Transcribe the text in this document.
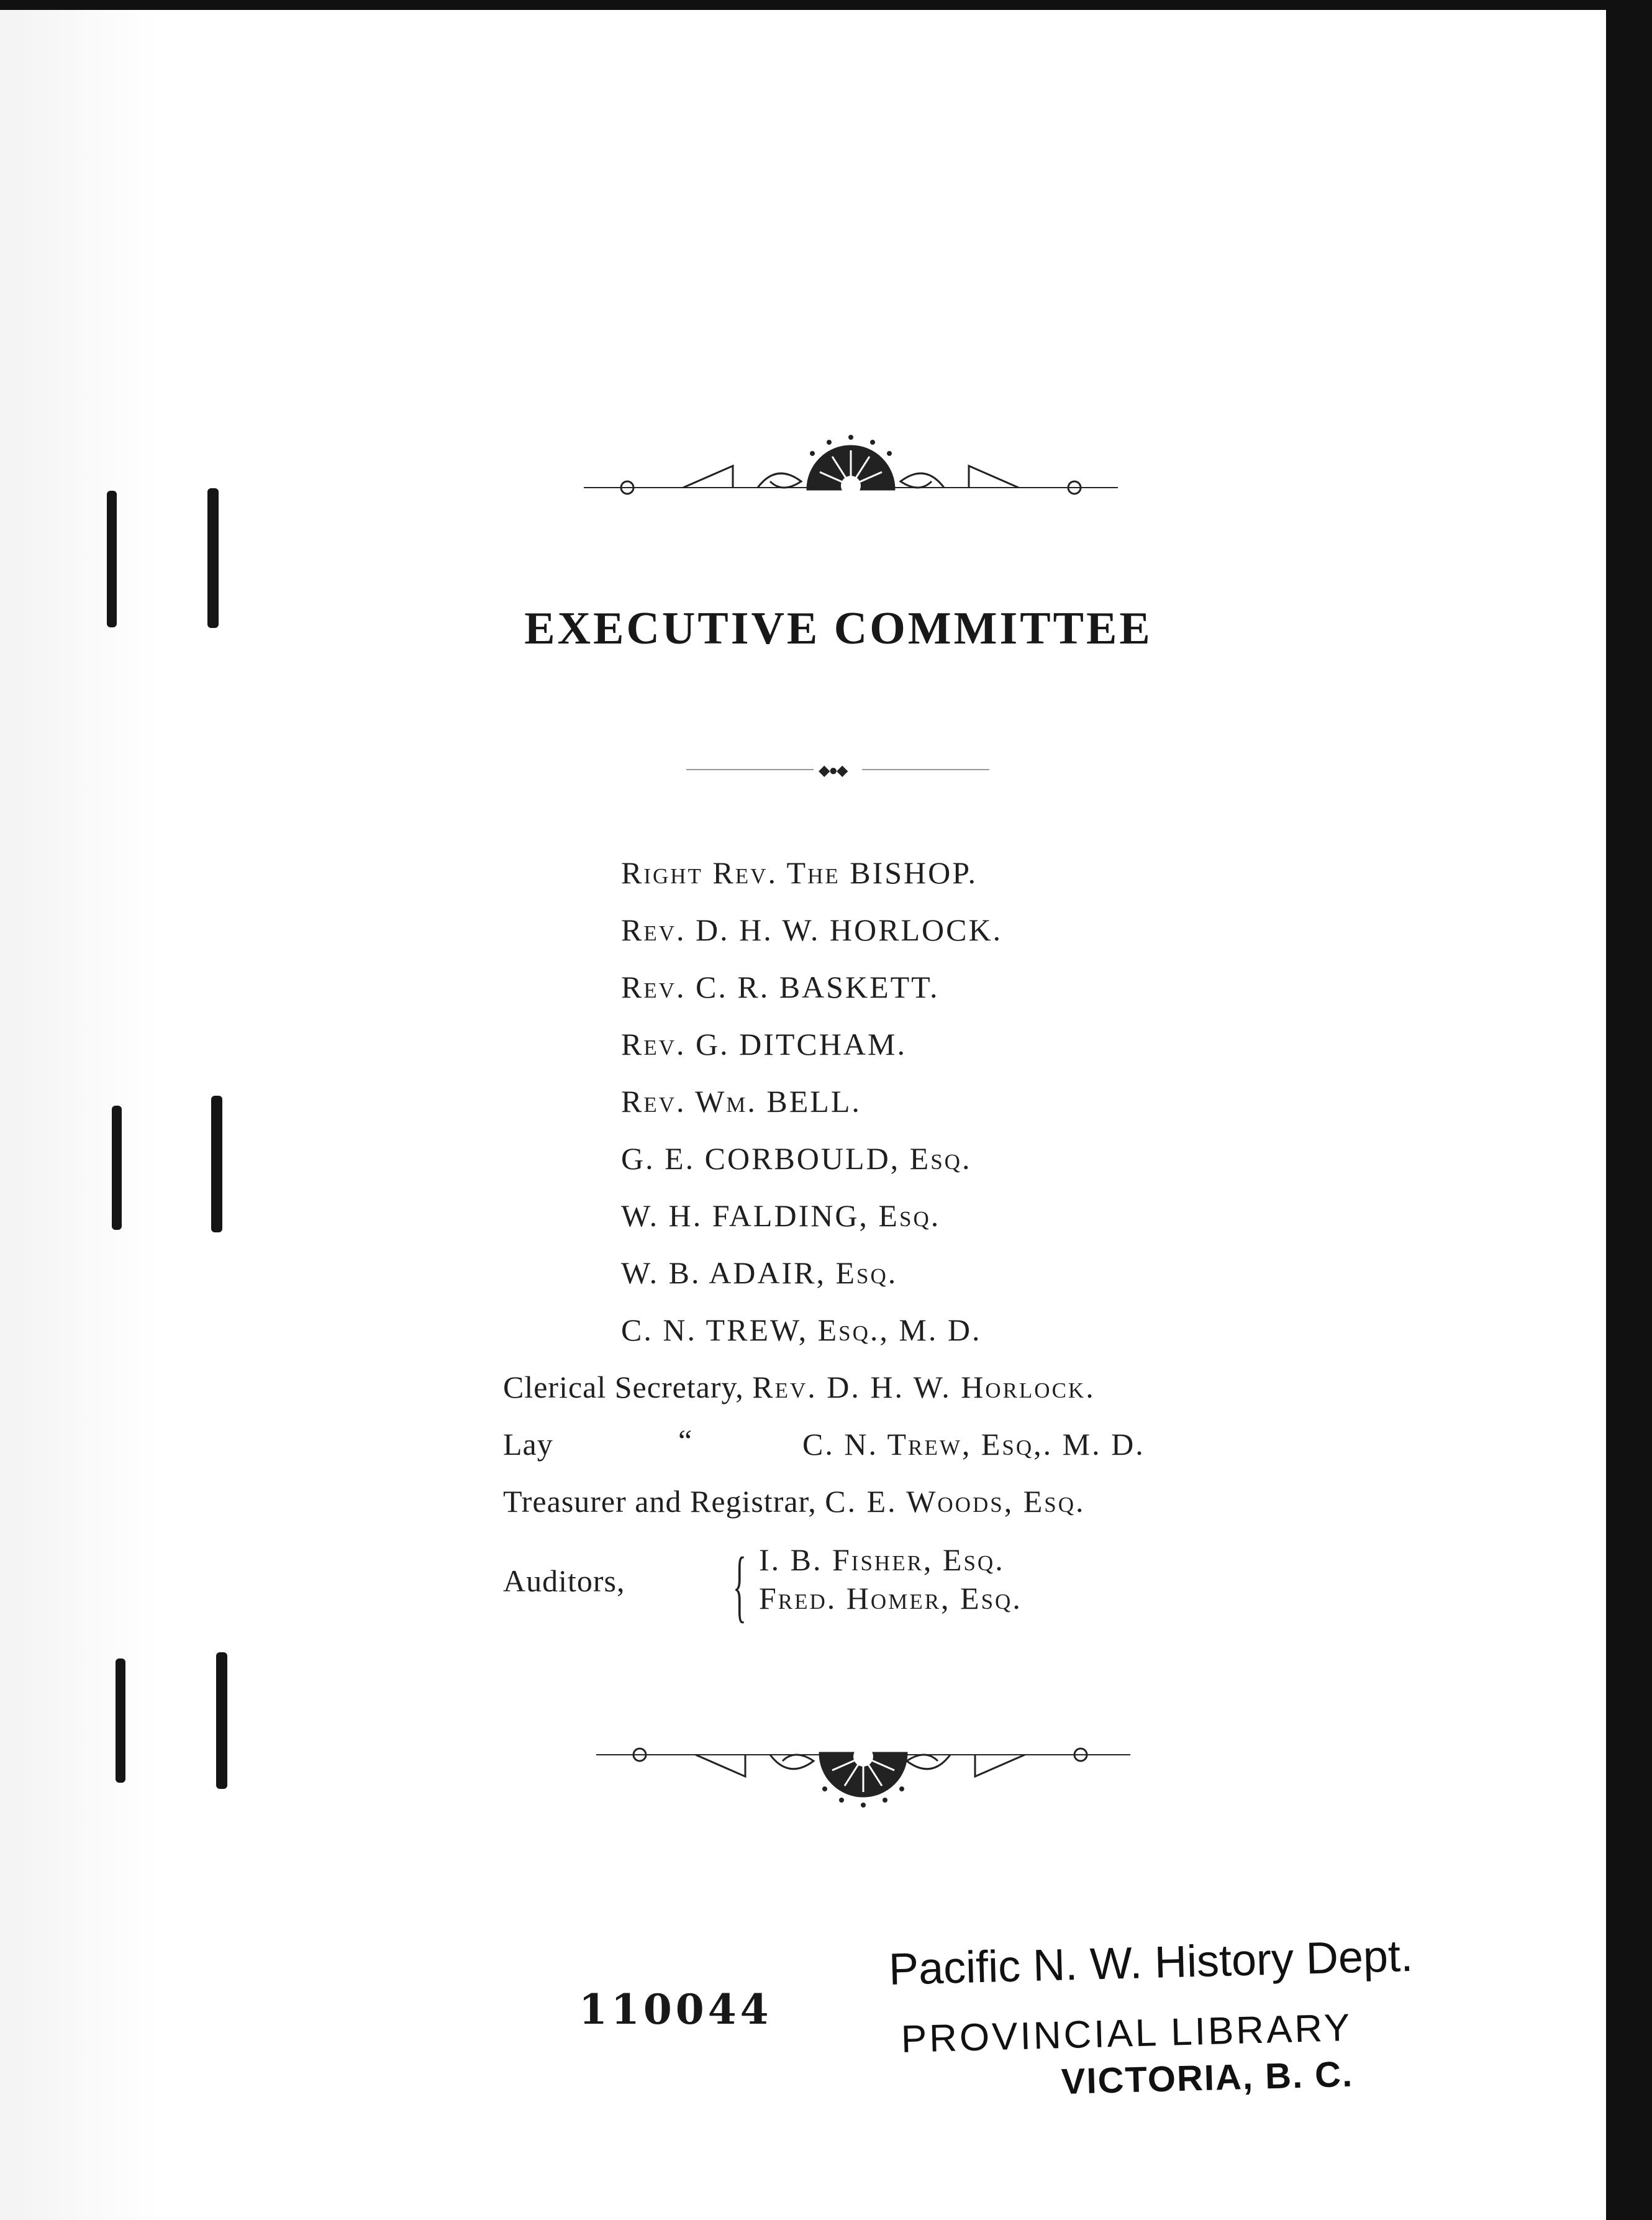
EXECUTIVE COMMITTEE
◆●◆
Right Rev. The BISHOP.
Rev. D. H. W. HORLOCK.
Rev. C. R. BASKETT.
Rev. G. DITCHAM.
Rev. Wm. BELL.
G. E. CORBOULD, Esq.
W. H. FALDING, Esq.
W. B. ADAIR, Esq.
C. N. TREW, Esq., M. D.
Clerical Secretary, Rev. D. H. W. Horlock.
Lay	“	C. N. Trew, Esq,. M. D.
Treasurer and Registrar, C. E. Woods, Esq.
Auditors, { I. B. Fisher, Esq.
Fred. Homer, Esq.
110044
Pacific N. W. History Dept.
PROVINCIAL LIBRARY
VICTORIA, B. C.
